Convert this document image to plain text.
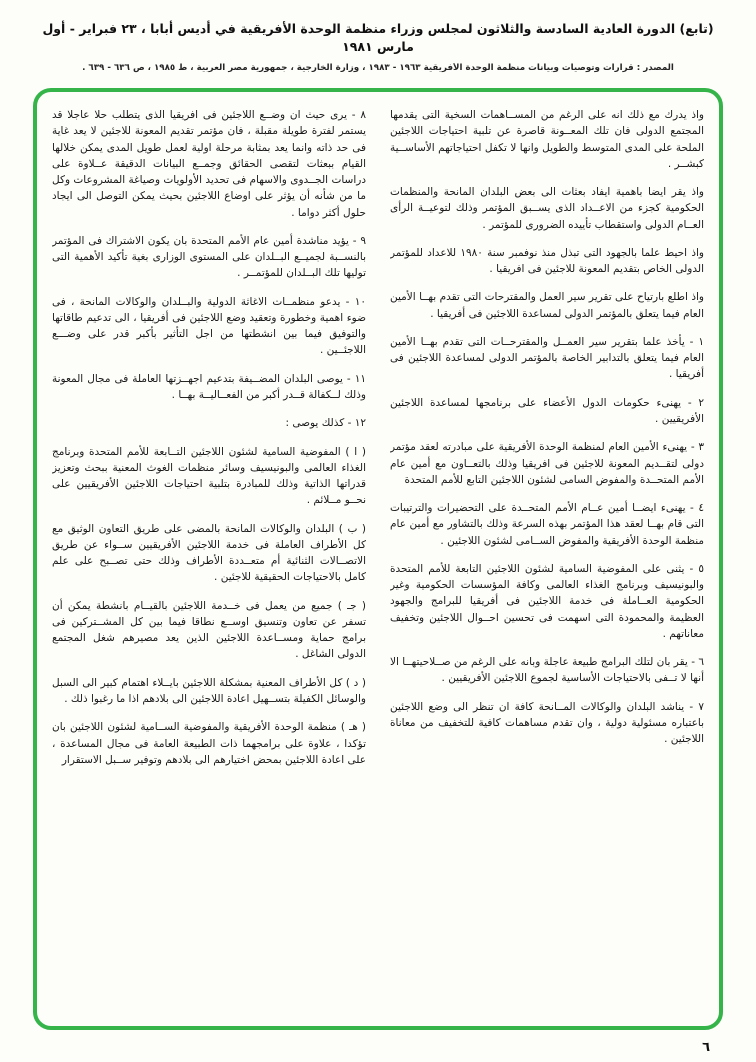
(تابع) الدورة العادية السادسة والثلاثون لمجلس وزراء منظمة الوحدة الأفريقية في أديس أبابا ، ٢٣ فبراير - أول مارس ١٩٨١
المصدر : قرارات وتوصيات وبيانات منظمة الوحدة الأفريقية ١٩٦٣ - ١٩٨٣ ، وزارة الخارجية ، جمهورية مصر العربية ، ط ١٩٨٥ ، ص ٦٣٦ - ٦٣٩ .

واذ يدرك مع ذلك انه على الرغم من المســاهمات السخية التى يقدمها المجتمع الدولى فان تلك المعــونة قاصرة عن تلبية احتياجات اللاجئين الملحة على المدى المتوسط والطويل وانها لا تكفل احتياجاتهم الأساســية كبشــر .

واذ يقر ايضا باهمية ايفاد بعثات الى بعض البلدان المانحة والمنظمات الحكومية كجزء من الاعــداد الذى يســبق المؤتمر وذلك لتوعيــة الرأى العــام الدولى واستقطاب تأييده الضرورى للمؤتمر .

واذ احيط علما بالجهود التى تبذل منذ نوفمبر سنة ١٩٨٠ للاعداد للمؤتمر الدولى الخاص بتقديم المعونة للاجئين فى افريقيا .

واذ اطلع بارتياح على تقرير سير العمل والمقترحات التى تقدم بهــا الأمين العام فيما يتعلق بالمؤتمر الدولى لمساعدة اللاجئين فى أفريقيا .

١ - يأخذ علما بتقرير سير العمــل والمقترحــات التى تقدم بهــا الأمين العام فيما يتعلق بالتدابير الخاصة بالمؤتمر الدولى لمساعدة اللاجئين فى أفريقيا .

٢ - يهنىء حكومات الدول الأعضاء على برنامجها لمساعدة اللاجئين الأفريقيين .

٣ - يهنىء الأمين العام لمنظمة الوحدة الأفريقية على مبادرته لعقد مؤتمر دولى لتقــديم المعونة للاجئين فى افريقيا وذلك بالتعــاون مع أمين عام الأمم المتحــدة والمفوض السامى لشئون اللاجئين التابع للأمم المتحدة

٤ - يهنىء ايضــا أمين عــام الأمم المتحــدة على التحضيرات والترتيبات التى قام بهــا لعقد هذا المؤتمر بهذه السرعة وذلك بالتشاور مع أمين عام منظمة الوحدة الأفريقية والمفوض الســامى لشئون اللاجئين .

٥ - يثنى على المفوضية السامية لشئون اللاجئين التابعة للأمم المتحدة والبونيسيف وبرنامج الغذاء العالمى وكافة المؤسسات الحكومية وغير الحكومية العــاملة فى خدمة اللاجئين فى أفريقيا للبرامج والجهود العظيمة والمحمودة التى اسهمت فى تحسين احــوال اللاجئين وتخفيف معاناتهم .

٦ - يقر بان لتلك البرامج طبيعة عاجلة وبانه على الرغم من صــلاحيتهــا الا أنها لا تــفى بالاحتياجات الأساسية لجموع اللاجئين الأفريقيين .

٧ - يناشد البلدان والوكالات المــانحة كافة ان تنظر الى وضع اللاجئين باعتباره مسئولية دولية ، وان تقدم مساهمات كافية للتخفيف من معاناة اللاجئين .

٨ - يرى حيث ان وضــع اللاجئين فى افريقيا الذى يتطلب حلا عاجلا قد يستمر لفترة طويلة مقبلة ، فان مؤتمر تقديم المعونة للاجئين لا يعد غاية فى حد ذاته وانما يعد بمثابة مرحلة اولية لعمل طويل المدى يمكن خلالها القيام ببعثات لتقصى الحقائق وجمــع البيانات الدقيقة عــلاوة على دراسات الجــدوى والاسهام فى تحديد الأولويات وصياغة المشروعات وكل ما من شأنه أن يؤثر على اوضاع اللاجئين بحيث يمكن التوصل الى ايجاد حلول أكثر دواما .

٩ - يؤيد مناشدة أمين عام الأمم المتحدة بان يكون الاشتراك فى المؤتمر بالنســبة لجميــع البــلدان على المستوى الوزارى بغية تأكيد الأهمية التى توليها تلك البــلدان للمؤتمــر .

١٠ - يدعو منظمــات الاغاثة الدولية والبــلدان والوكالات المانحة ، فى ضوء اهمية وخطورة وتعقيد وضع اللاجئين فى أفريقيا ، الى تدعيم طاقاتها والتوفيق فيما بين انشطتها من اجل التأثير بأكبر قدر على وضـــع اللاجئــين .

١١ - يوصى البلدان المضــيفة بتدعيم اجهــزتها العاملة فى مجال المعونة وذلك لــكفالة قــدر أكبر من الفعــاليــة بهــا .

١٢ - كذلك يوصى :

( ا ) المفوضية السامية لشئون اللاجئين التــابعة للأمم المتحدة وبرنامج الغذاء العالمى والبونيسيف وسائر منظمات الغوث المعنية ببحث وتعزيز قدراتها الذاتية وذلك للمبادرة بتلبية احتياجات اللاجئين الأفريقيين على نحــو مــلائم .

( ب ) البلدان والوكالات المانحة بالمضى على طريق التعاون الوثيق مع كل الأطراف العاملة فى خدمة اللاجئين الأفريقيين ســواء عن طريق الاتصــالات الثنائية أم متعــددة الأطراف وذلك حتى تصــبح على علم كامل بالاحتياجات الحقيقية للاجئين .

( جـ ) جميع من يعمل فى خــدمة اللاجئين بالقيــام بانشطة يمكن أن تسفر عن تعاون وتنسيق اوســع نطاقا فيما بين كل المشــتركين فى برامج حماية ومســاعدة اللاجئين الذين يعد مصيرهم شغل المجتمع الدولى الشاغل .

( د ) كل الأطراف المعنية بمشكلة اللاجئين بايــلاء اهتمام كبير الى السبل والوسائل الكفيلة بتســهيل اعادة اللاجئين الى بلادهم اذا ما رغبوا ذلك .

( هـ ) منظمة الوحدة الأفريقية والمفوضية الســامية لشئون اللاجئين بان تؤكدا ، علاوة على برامجهما ذات الطبيعة العامة فى مجال المساعدة ، على اعادة اللاجئين بمحض اختيارهم الى بلادهم وتوفير ســبل الاستقرار

٦
